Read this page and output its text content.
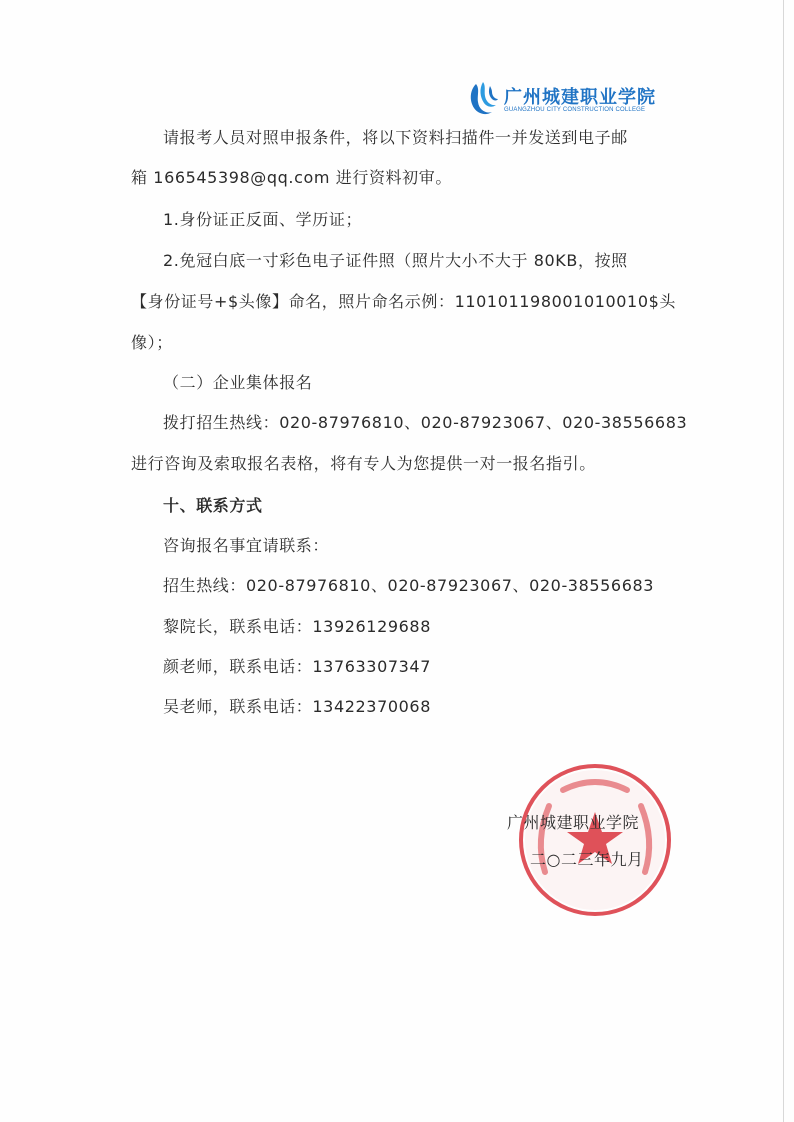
广州城建职业学院
GUANGZHOU CITY CONSTRUCTION COLLEGE
请报考人员对照申报条件，将以下资料扫描件一并发送到电子邮
箱 166545398@qq.com 进行资料初审。
1.身份证正反面、学历证；
2.免冠白底一寸彩色电子证件照（照片大小不大于 80KB，按照
【身份证号+$头像】命名，照片命名示例：110101198001010010$头
像）；
（二）企业集体报名
拨打招生热线：020-87976810、020-87923067、020-38556683
进行咨询及索取报名表格，将有专人为您提供一对一报名指引。
十、联系方式
咨询报名事宜请联系：
招生热线：020-87976810、020-87923067、020-38556683
黎院长，联系电话：13926129688
颜老师，联系电话：13763307347
吴老师，联系电话：13422370068
广州城建职业学院
二○二三年九月
